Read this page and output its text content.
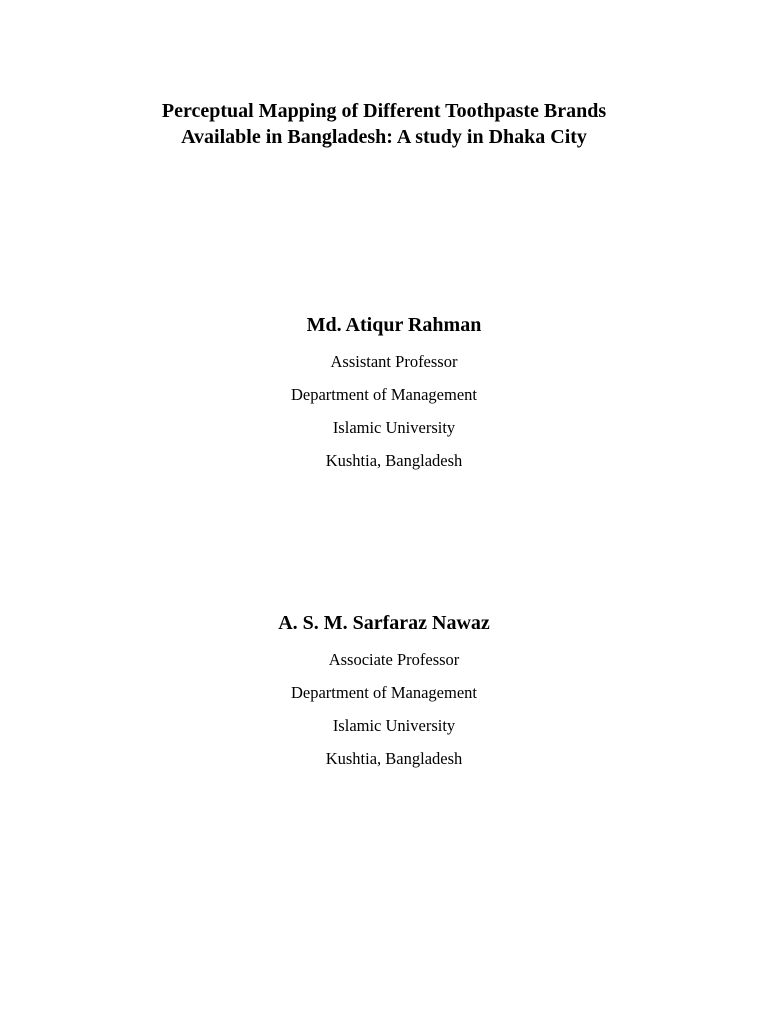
Perceptual Mapping of Different Toothpaste Brands
Available in Bangladesh: A study in Dhaka City
Md. Atiqur Rahman
Assistant Professor
Department of Management
Islamic University
Kushtia, Bangladesh
A. S. M. Sarfaraz Nawaz
Associate Professor
Department of Management
Islamic University
Kushtia, Bangladesh
